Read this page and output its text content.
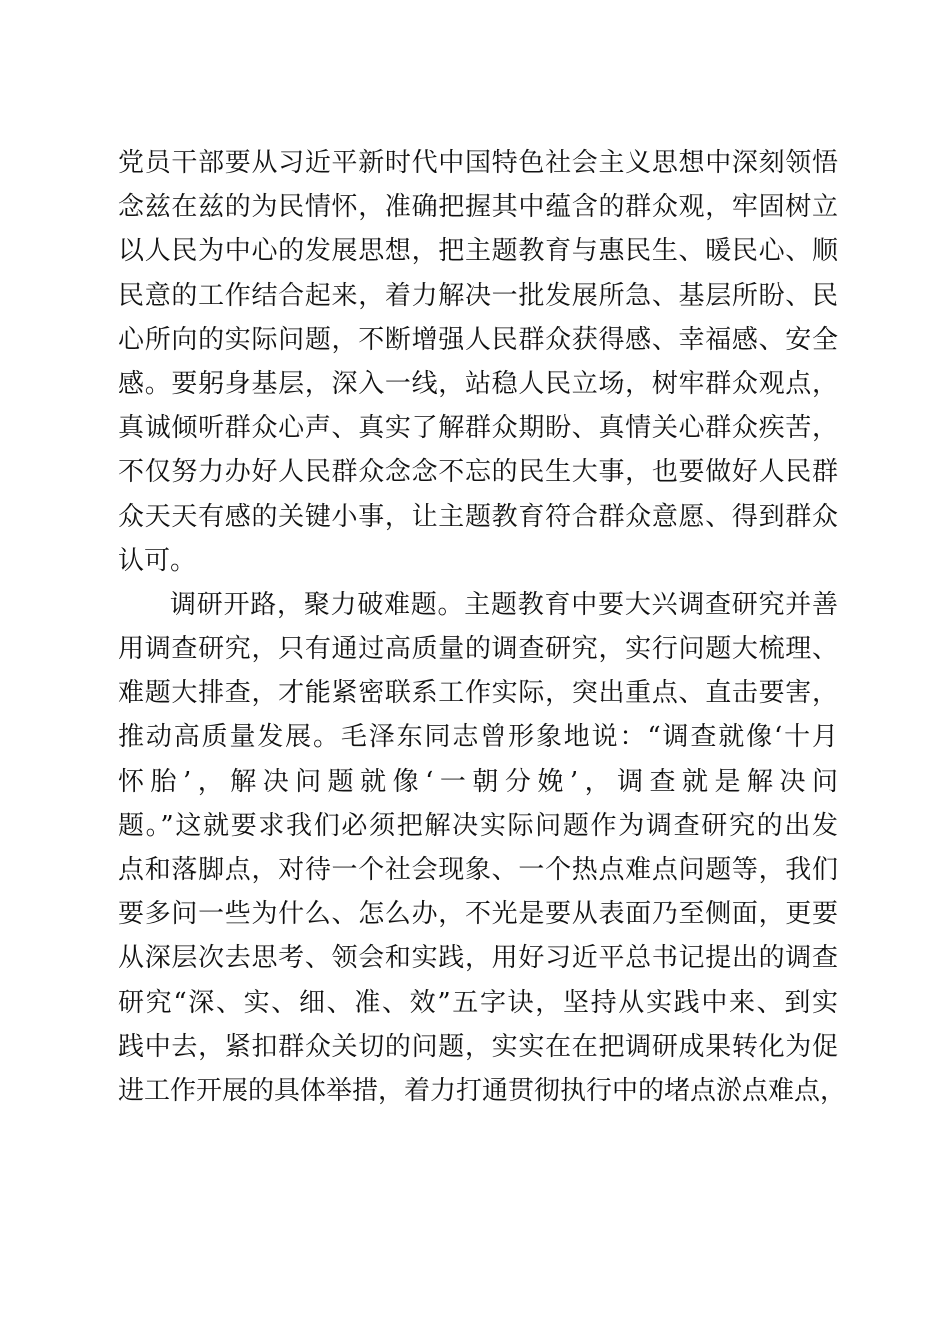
党员干部要从习近平新时代中国特色社会主义思想中深刻领悟
念兹在兹的为民情怀，准确把握其中蕴含的群众观，牢固树立
以人民为中心的发展思想，把主题教育与惠民生、暖民心、顺
民意的工作结合起来，着力解决一批发展所急、基层所盼、民
心所向的实际问题，不断增强人民群众获得感、幸福感、安全
感。要躬身基层，深入一线，站稳人民立场，树牢群众观点，
真诚倾听群众心声、真实了解群众期盼、真情关心群众疾苦，
不仅努力办好人民群众念念不忘的民生大事，也要做好人民群
众天天有感的关键小事，让主题教育符合群众意愿、得到群众
认可。
调研开路，聚力破难题。主题教育中要大兴调查研究并善
用调查研究，只有通过高质量的调查研究，实行问题大梳理、
难题大排查，才能紧密联系工作实际，突出重点、直击要害，
推动高质量发展。毛泽东同志曾形象地说：“调查就像‘十月
怀胎’，解决问题就像‘一朝分娩’，调查就是解决问
题。”这就要求我们必须把解决实际问题作为调查研究的出发
点和落脚点，对待一个社会现象、一个热点难点问题等，我们
要多问一些为什么、怎么办，不光是要从表面乃至侧面，更要
从深层次去思考、领会和实践，用好习近平总书记提出的调查
研究“深、实、细、准、效”五字诀，坚持从实践中来、到实
践中去，紧扣群众关切的问题，实实在在把调研成果转化为促
进工作开展的具体举措，着力打通贯彻执行中的堵点淤点难点，
